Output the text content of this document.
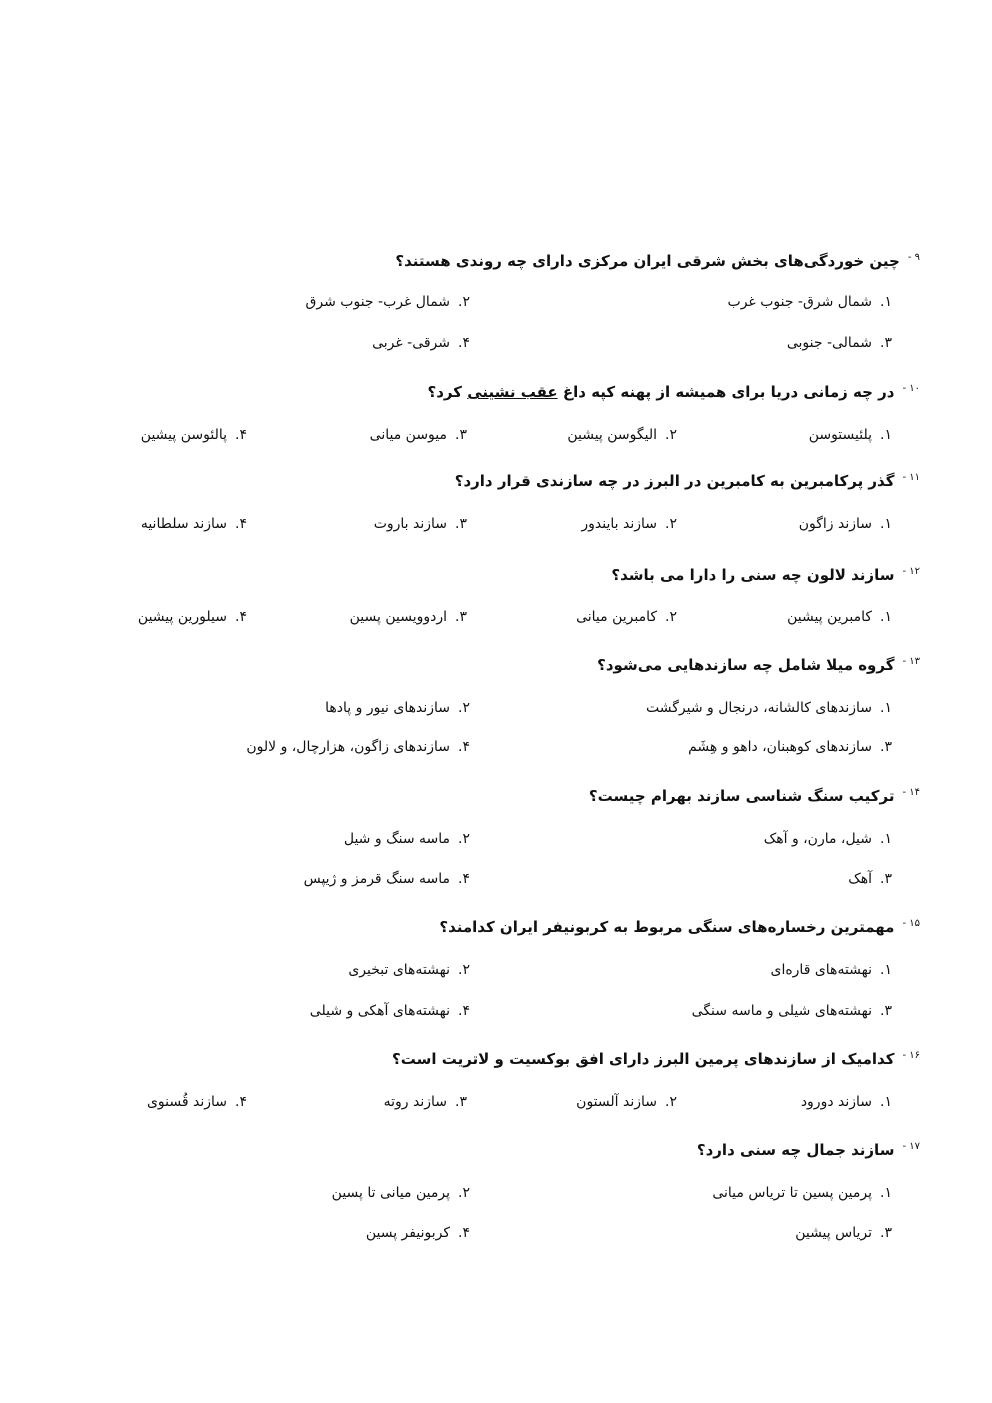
$^{۹ -}$چین خوردگی‌های بخش شرقی ایران مرکزی دارای چه روندی هستند؟
۱.شمال شرق- جنوب غرب
۲.شمال غرب- جنوب شرق
۳.شمالی- جنوبی
۴.شرقی- غربی
$^{۱۰ -}$در چه زمانی دریا برای همیشه از پهنه کپه داغ عقب نشینی کرد؟
۱.پلئیستوسن
۲.الیگوسن پیشین
۳.میوسن میانی
۴.پالئوسن پیشین
$^{۱۱ -}$گذر پرکامبرین به کامبرین در البرز در چه سازندی قرار دارد؟
۱.سازند زاگون
۲.سازند بایندور
۳.سازند باروت
۴.سازند سلطانیه
$^{۱۲ -}$سازند لالون چه سنی را دارا می باشد؟
۱.کامبرین پیشین
۲.کامبرین میانی
۳.اردوویسین پسین
۴.سیلورین پیشین
$^{۱۳ -}$گروه میلا شامل چه سازندهایی می‌شود؟
۱.سازندهای کالشانه، درنجال و شیرگشت
۲.سازندهای نیور و پادها
۳.سازندهای کوهبنان، داهو و هِشَم
۴.سازندهای زاگون، هزارچال، و لالون
$^{۱۴ -}$ترکیب سنگ شناسی سازند بهرام چیست؟
۱.شیل، مارن، و آهک
۲.ماسه سنگ و شیل
۳.آهک
۴.ماسه سنگ قرمز و ژیپس
$^{۱۵ -}$مهمترین رخساره‌های سنگی مربوط به کربونیفر ایران کدامند؟
۱.نهشته‌های قاره‌ای
۲.نهشته‌های تبخیری
۳.نهشته‌های شیلی و ماسه سنگی
۴.نهشته‌های آهکی و شیلی
$^{۱۶ -}$کدامیک از سازندهای پرمین البرز دارای افق بوکسیت و لاتریت است؟
۱.سازند دورود
۲.سازند آلستون
۳.سازند روته
۴.سازند قُسنوی
$^{۱۷ -}$سازند جمال چه سنی دارد؟
۱.پرمین پسین تا تریاس میانی
۲.پرمین میانی تا پسین
۳.تریاس پیشین
۴.کربونیفر پسین
